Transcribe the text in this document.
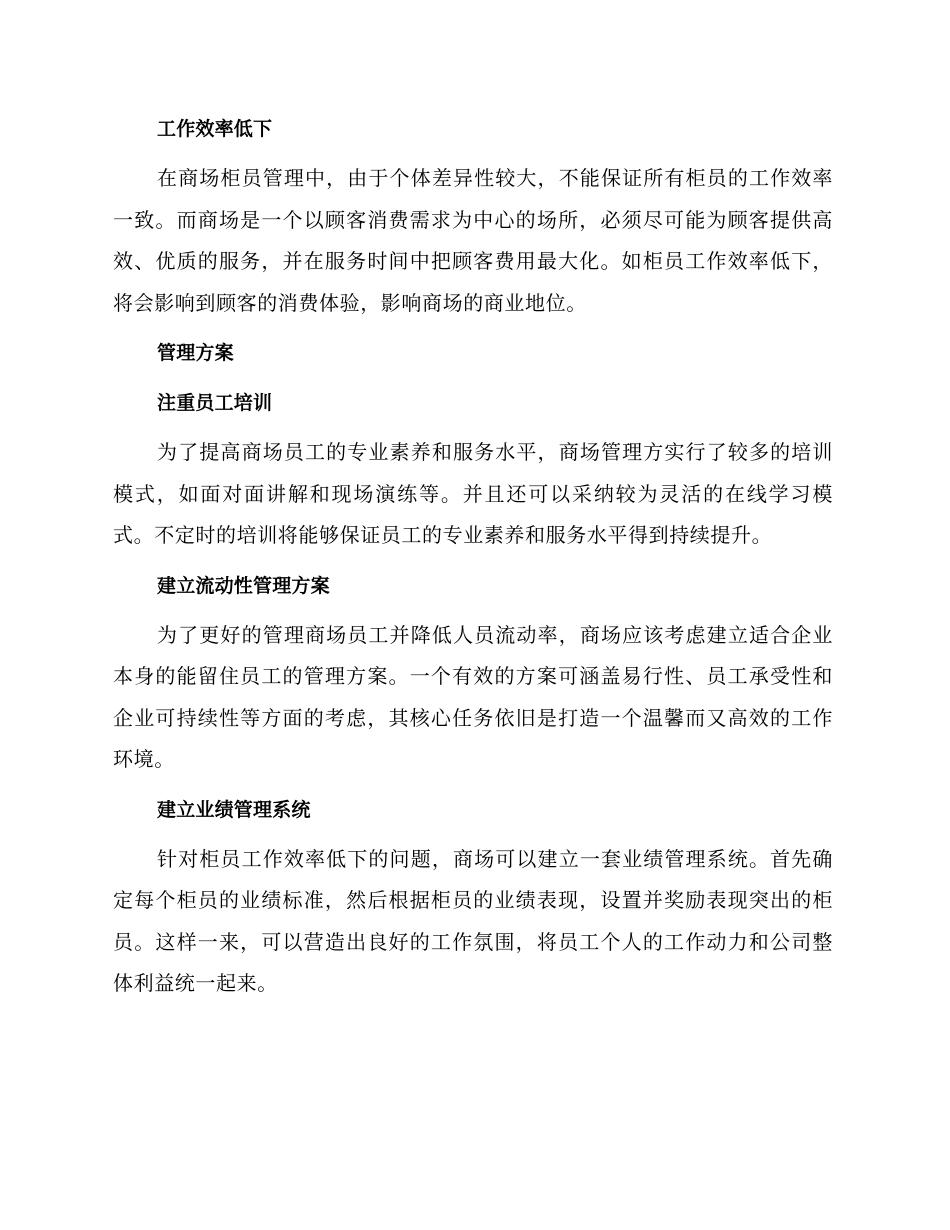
工作效率低下

在商场柜员管理中，由于个体差异性较大，不能保证所有柜员的工作效率一致。而商场是一个以顾客消费需求为中心的场所，必须尽可能为顾客提供高效、优质的服务，并在服务时间中把顾客费用最大化。如柜员工作效率低下，将会影响到顾客的消费体验，影响商场的商业地位。

管理方案
注重员工培训

为了提高商场员工的专业素养和服务水平，商场管理方实行了较多的培训模式，如面对面讲解和现场演练等。并且还可以采纳较为灵活的在线学习模式。不定时的培训将能够保证员工的专业素养和服务水平得到持续提升。

建立流动性管理方案

为了更好的管理商场员工并降低人员流动率，商场应该考虑建立适合企业本身的能留住员工的管理方案。一个有效的方案可涵盖易行性、员工承受性和企业可持续性等方面的考虑，其核心任务依旧是打造一个温馨而又高效的工作环境。

建立业绩管理系统

针对柜员工作效率低下的问题，商场可以建立一套业绩管理系统。首先确定每个柜员的业绩标准，然后根据柜员的业绩表现，设置并奖励表现突出的柜员。这样一来，可以营造出良好的工作氛围，将员工个人的工作动力和公司整体利益统一起来。
